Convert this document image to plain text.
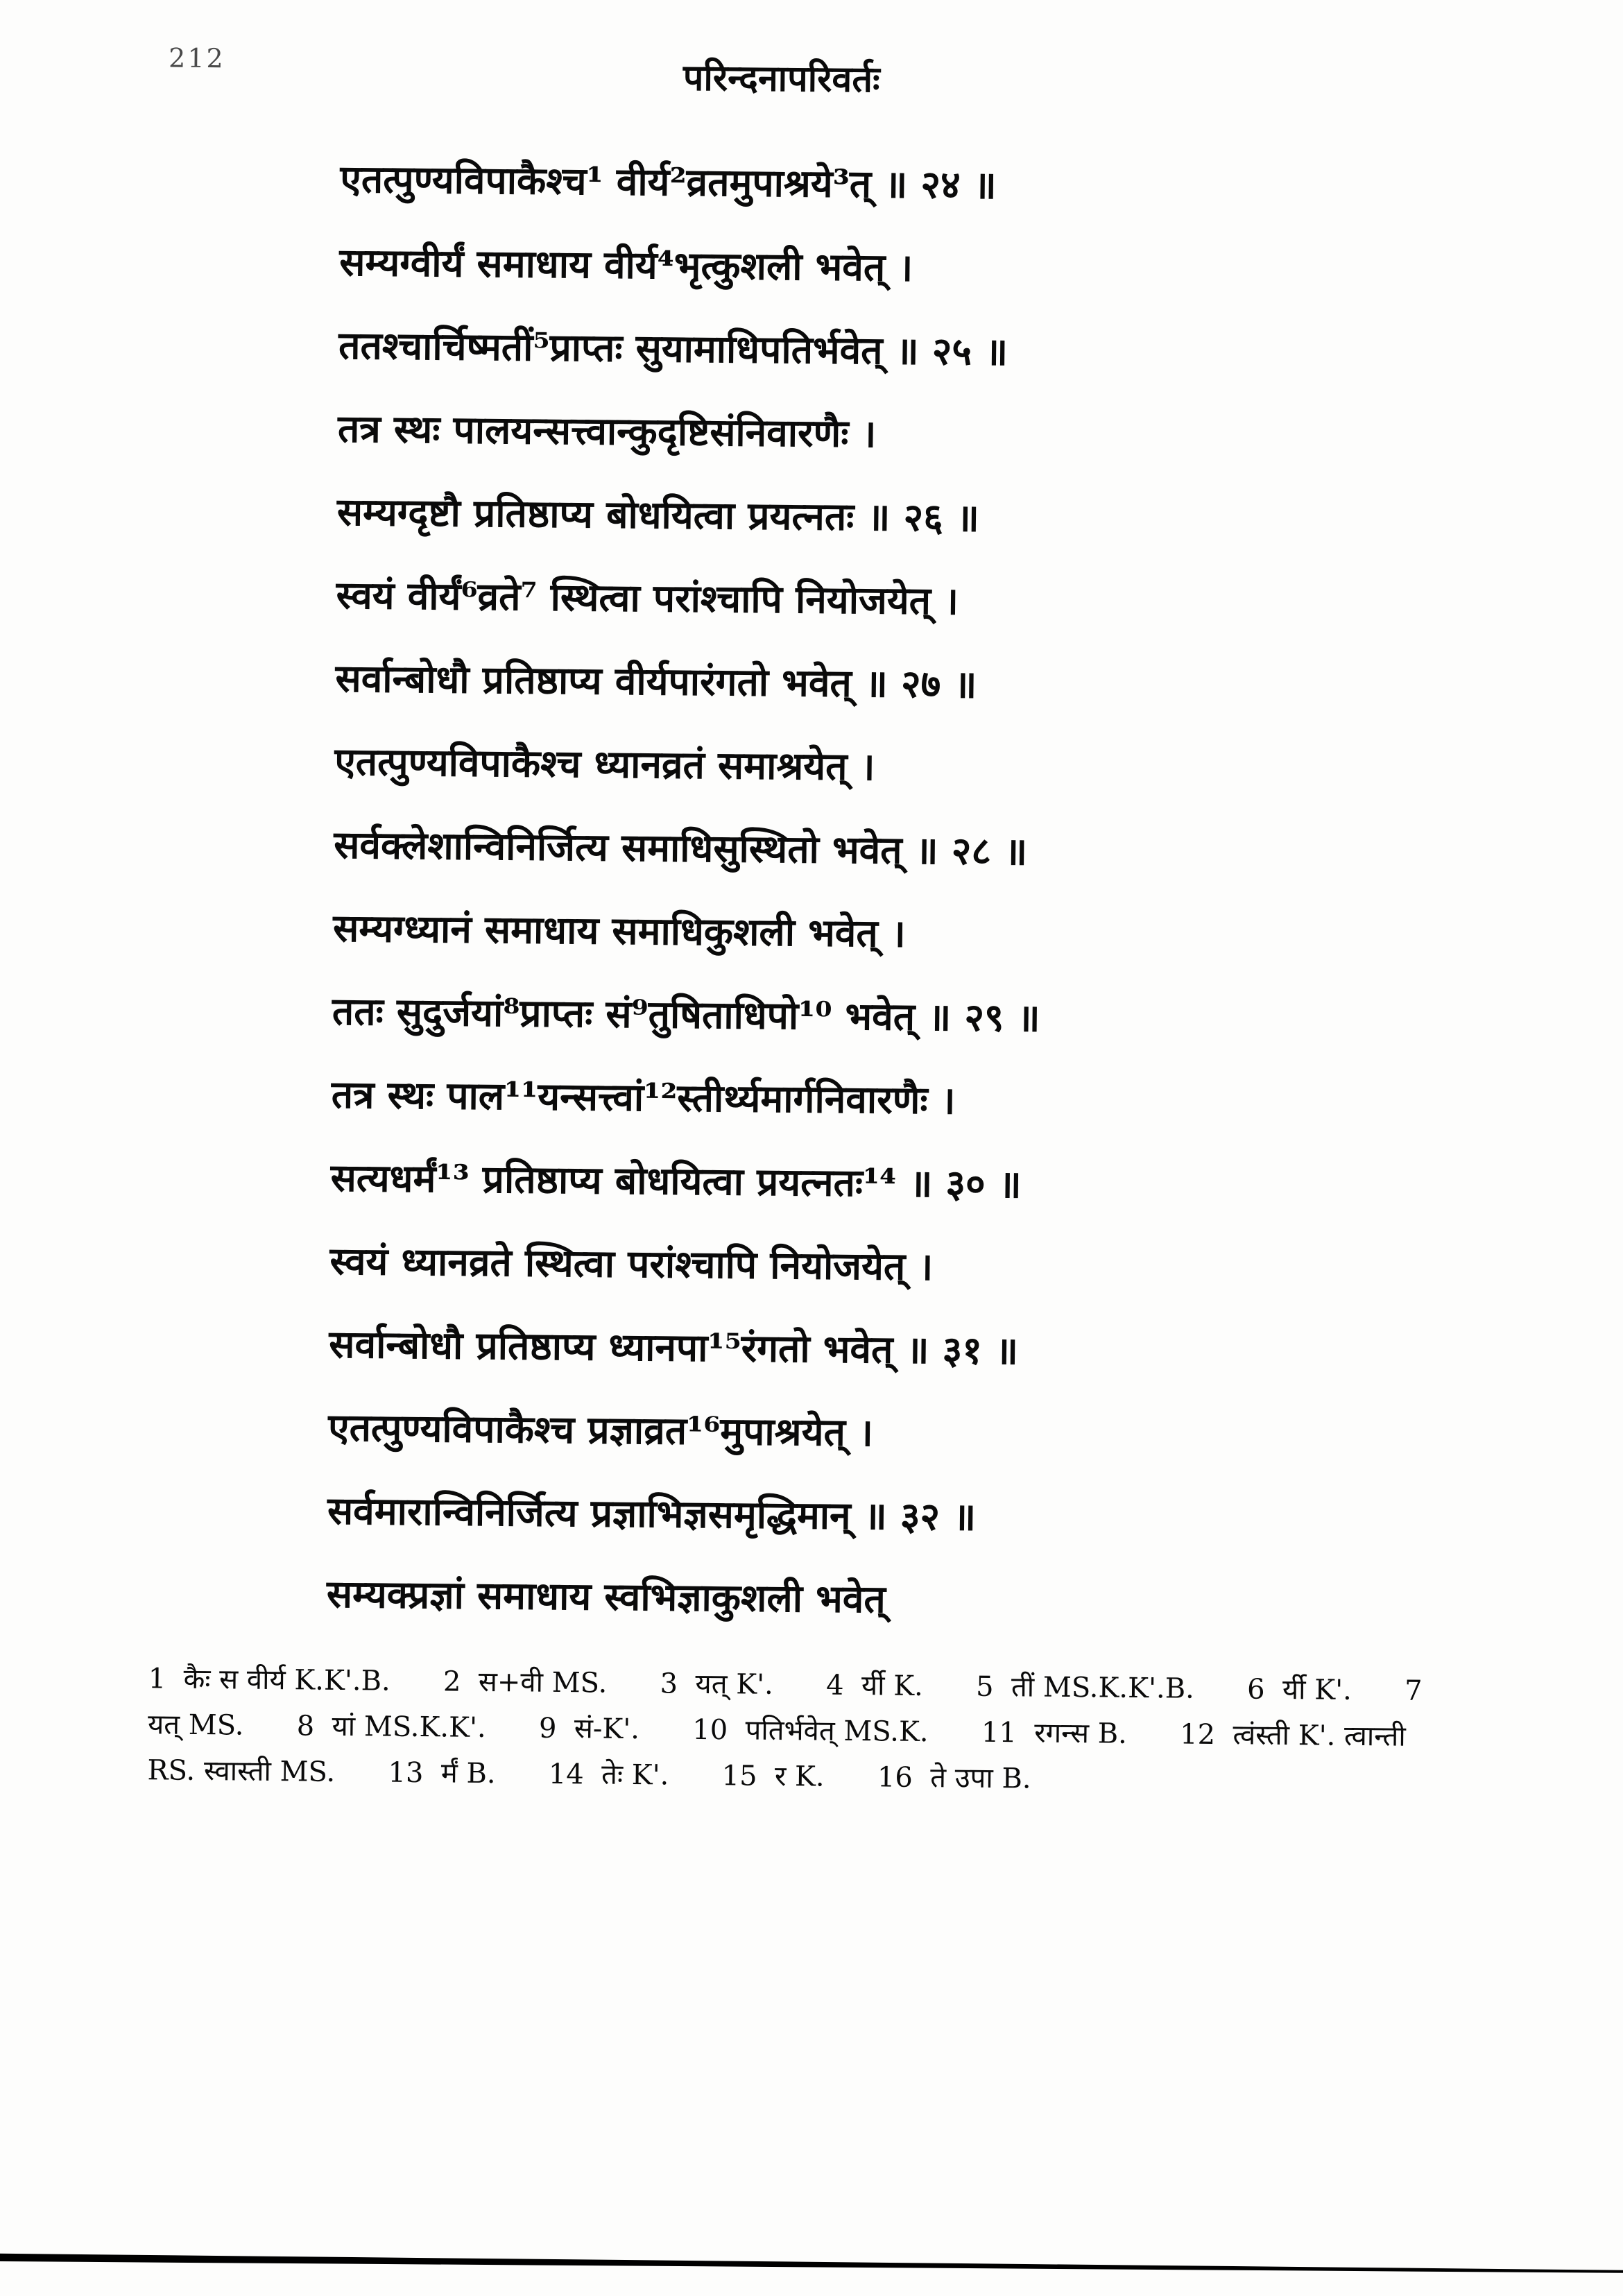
212	परिन्दनापरिवर्तः
एतत्पुण्यविपाकैश्च¹ वीर्य²व्रतमुपाश्रये³त् ॥ २४ ॥
सम्यग्वीर्यं समाधाय वीर्य⁴भृत्कुशली भवेत् ।
ततश्चार्चिष्मतीं⁵प्राप्तः सुयामाधिपतिर्भवेत् ॥ २५ ॥
तत्र स्थः पालयन्सत्त्वान्कुदृष्टिसंनिवारणैः ।
सम्यग्दृष्टौ प्रतिष्ठाप्य बोधयित्वा प्रयत्नतः ॥ २६ ॥
स्वयं वीर्यं⁶व्रते⁷ स्थित्वा परांश्चापि नियोजयेत् ।
सर्वान्बोधौ प्रतिष्ठाप्य वीर्यपारंगतो भवेत् ॥ २७ ॥
एतत्पुण्यविपाकैश्च ध्यानव्रतं समाश्रयेत् ।
सर्वक्लेशान्विनिर्जित्य समाधिसुस्थितो भवेत् ॥ २८ ॥
सम्यग्ध्यानं समाधाय समाधिकुशली भवेत् ।
ततः सुदुर्जयां⁸प्राप्तः सं⁹तुषिताधिपो¹⁰ भवेत् ॥ २९ ॥
तत्र स्थः पाल¹¹यन्सत्त्वां¹²स्तीर्थ्यमार्गनिवारणैः ।
सत्यधर्मं¹³ प्रतिष्ठाप्य बोधयित्वा प्रयत्नतः¹⁴ ॥ ३० ॥
स्वयं ध्यानव्रते स्थित्वा परांश्चापि नियोजयेत् ।
सर्वान्बोधौ प्रतिष्ठाप्य ध्यानपा¹⁵रंगतो भवेत् ॥ ३१ ॥
एतत्पुण्यविपाकैश्च प्रज्ञाव्रत¹⁶मुपाश्रयेत् ।
सर्वमारान्विनिर्जित्य प्रज्ञाभिज्ञसमृद्धिमान् ॥ ३२ ॥
सम्यक्प्रज्ञां समाधाय स्वभिज्ञाकुशली भवेत्
1  कैः स वीर्य K.K'.B.      2  स+वी MS.      3  यत् K'.      4  र्यी K.      5  तीं MS.K.K'.B.      6  र्यी K'.      7
यत् MS.      8  यां MS.K.K'.      9  सं-K'.      10  पतिर्भवेत् MS.K.      11  रगन्स B.      12  त्वंस्ती K'. त्वान्ती
RS. स्वास्ती MS.      13  र्मं B.      14  तेः K'.      15  र K.      16  ते उपा B.
